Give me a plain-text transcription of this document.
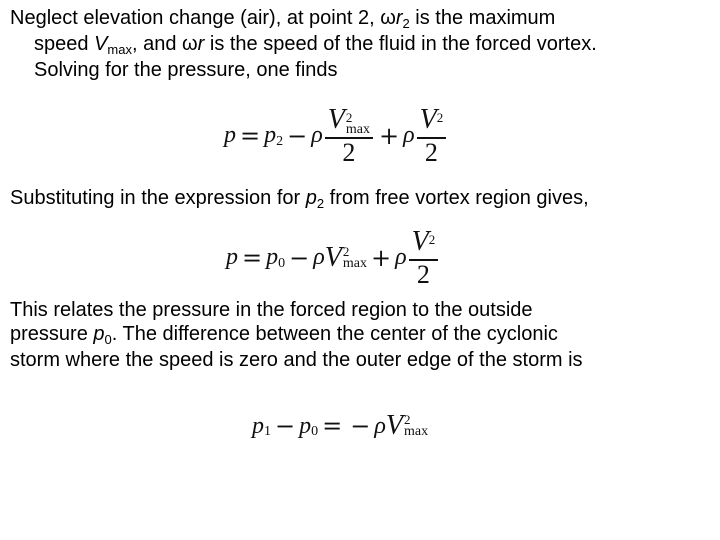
Neglect elevation change (air), at point 2, $\omega r_2$ is the maximum
speed $V_{max}$, and ωr is the speed of the fluid in the forced vortex.
Solving for the pressure, one finds
p = p 2 − ρ V 2
max
2 + ρ $\frac{V 2}{2}$
Substituting in the expression for $p_2$ from free vortex region gives,
p = p 0 − ρ V 2
max + ρ $\frac{V 2}{2}$
This relates the pressure in the forced region to the outside
pressure $p_0$. The difference between the center of the cyclonic
storm where the speed is zero and the outer edge of the storm is
p 1 − p 0 = − ρ V 2
max
